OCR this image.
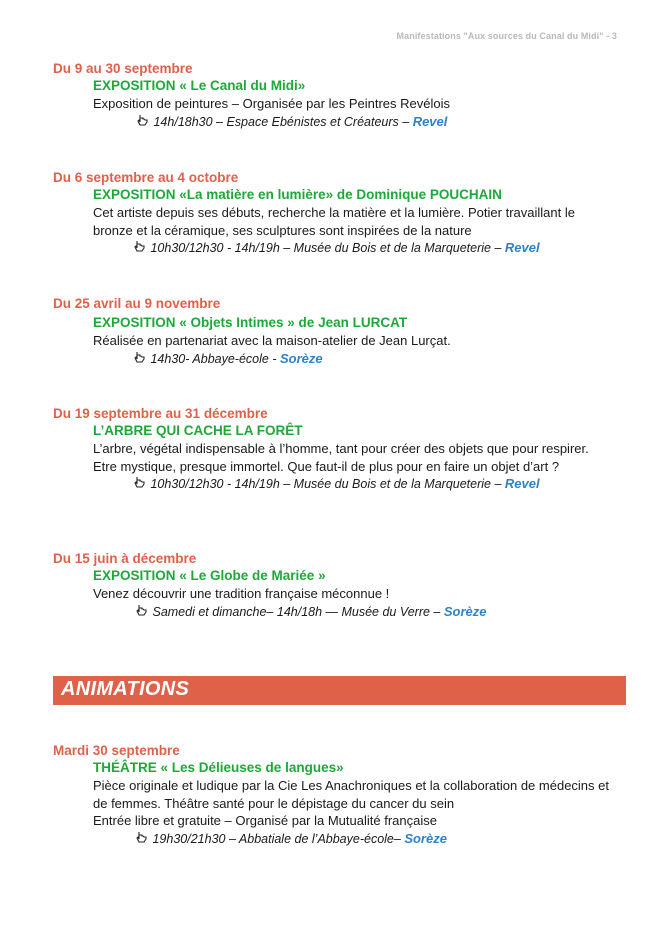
Manifestations "Aux sources du Canal du Midi" - 3
Du 9 au 30 septembre
EXPOSITION « Le Canal du Midi»
Exposition de peintures – Organisée par les Peintres Revélois
14h/18h30 – Espace Ebénistes et Créateurs – Revel
Du 6 septembre au 4 octobre
EXPOSITION «La matière en lumière» de Dominique POUCHAIN
Cet artiste depuis ses débuts, recherche la matière et la lumière. Potier travaillant le bronze et la céramique, ses sculptures sont inspirées de la nature
10h30/12h30 - 14h/19h – Musée du Bois et de la Marqueterie – Revel
Du 25 avril au 9 novembre
EXPOSITION « Objets Intimes » de Jean LURCAT
Réalisée en partenariat avec la maison-atelier de Jean Lurçat.
14h30- Abbaye-école - Sorèze
Du 19 septembre au 31 décembre
L’ARBRE QUI CACHE LA FORÊT
L’arbre, végétal indispensable à l’homme, tant pour créer des objets que pour respirer. Etre mystique, presque immortel. Que faut-il de plus pour en faire un objet d’art ?
10h30/12h30 - 14h/19h – Musée du Bois et de la Marqueterie – Revel
Du 15 juin à décembre
EXPOSITION « Le Globe de Mariée »
Venez découvrir une tradition française méconnue !
Samedi et dimanche– 14h/18h — Musée du Verre – Sorèze
ANIMATIONS
Mardi 30 septembre
THÉÂTRE « Les Délieuses de langues»
Pièce originale et ludique par la Cie Les Anachroniques et la collaboration de médecins et de femmes. Théâtre santé pour le dépistage du cancer du sein
Entrée libre et gratuite – Organisé par la Mutualité française
19h30/21h30 – Abbatiale de l’Abbaye-école– Sorèze
